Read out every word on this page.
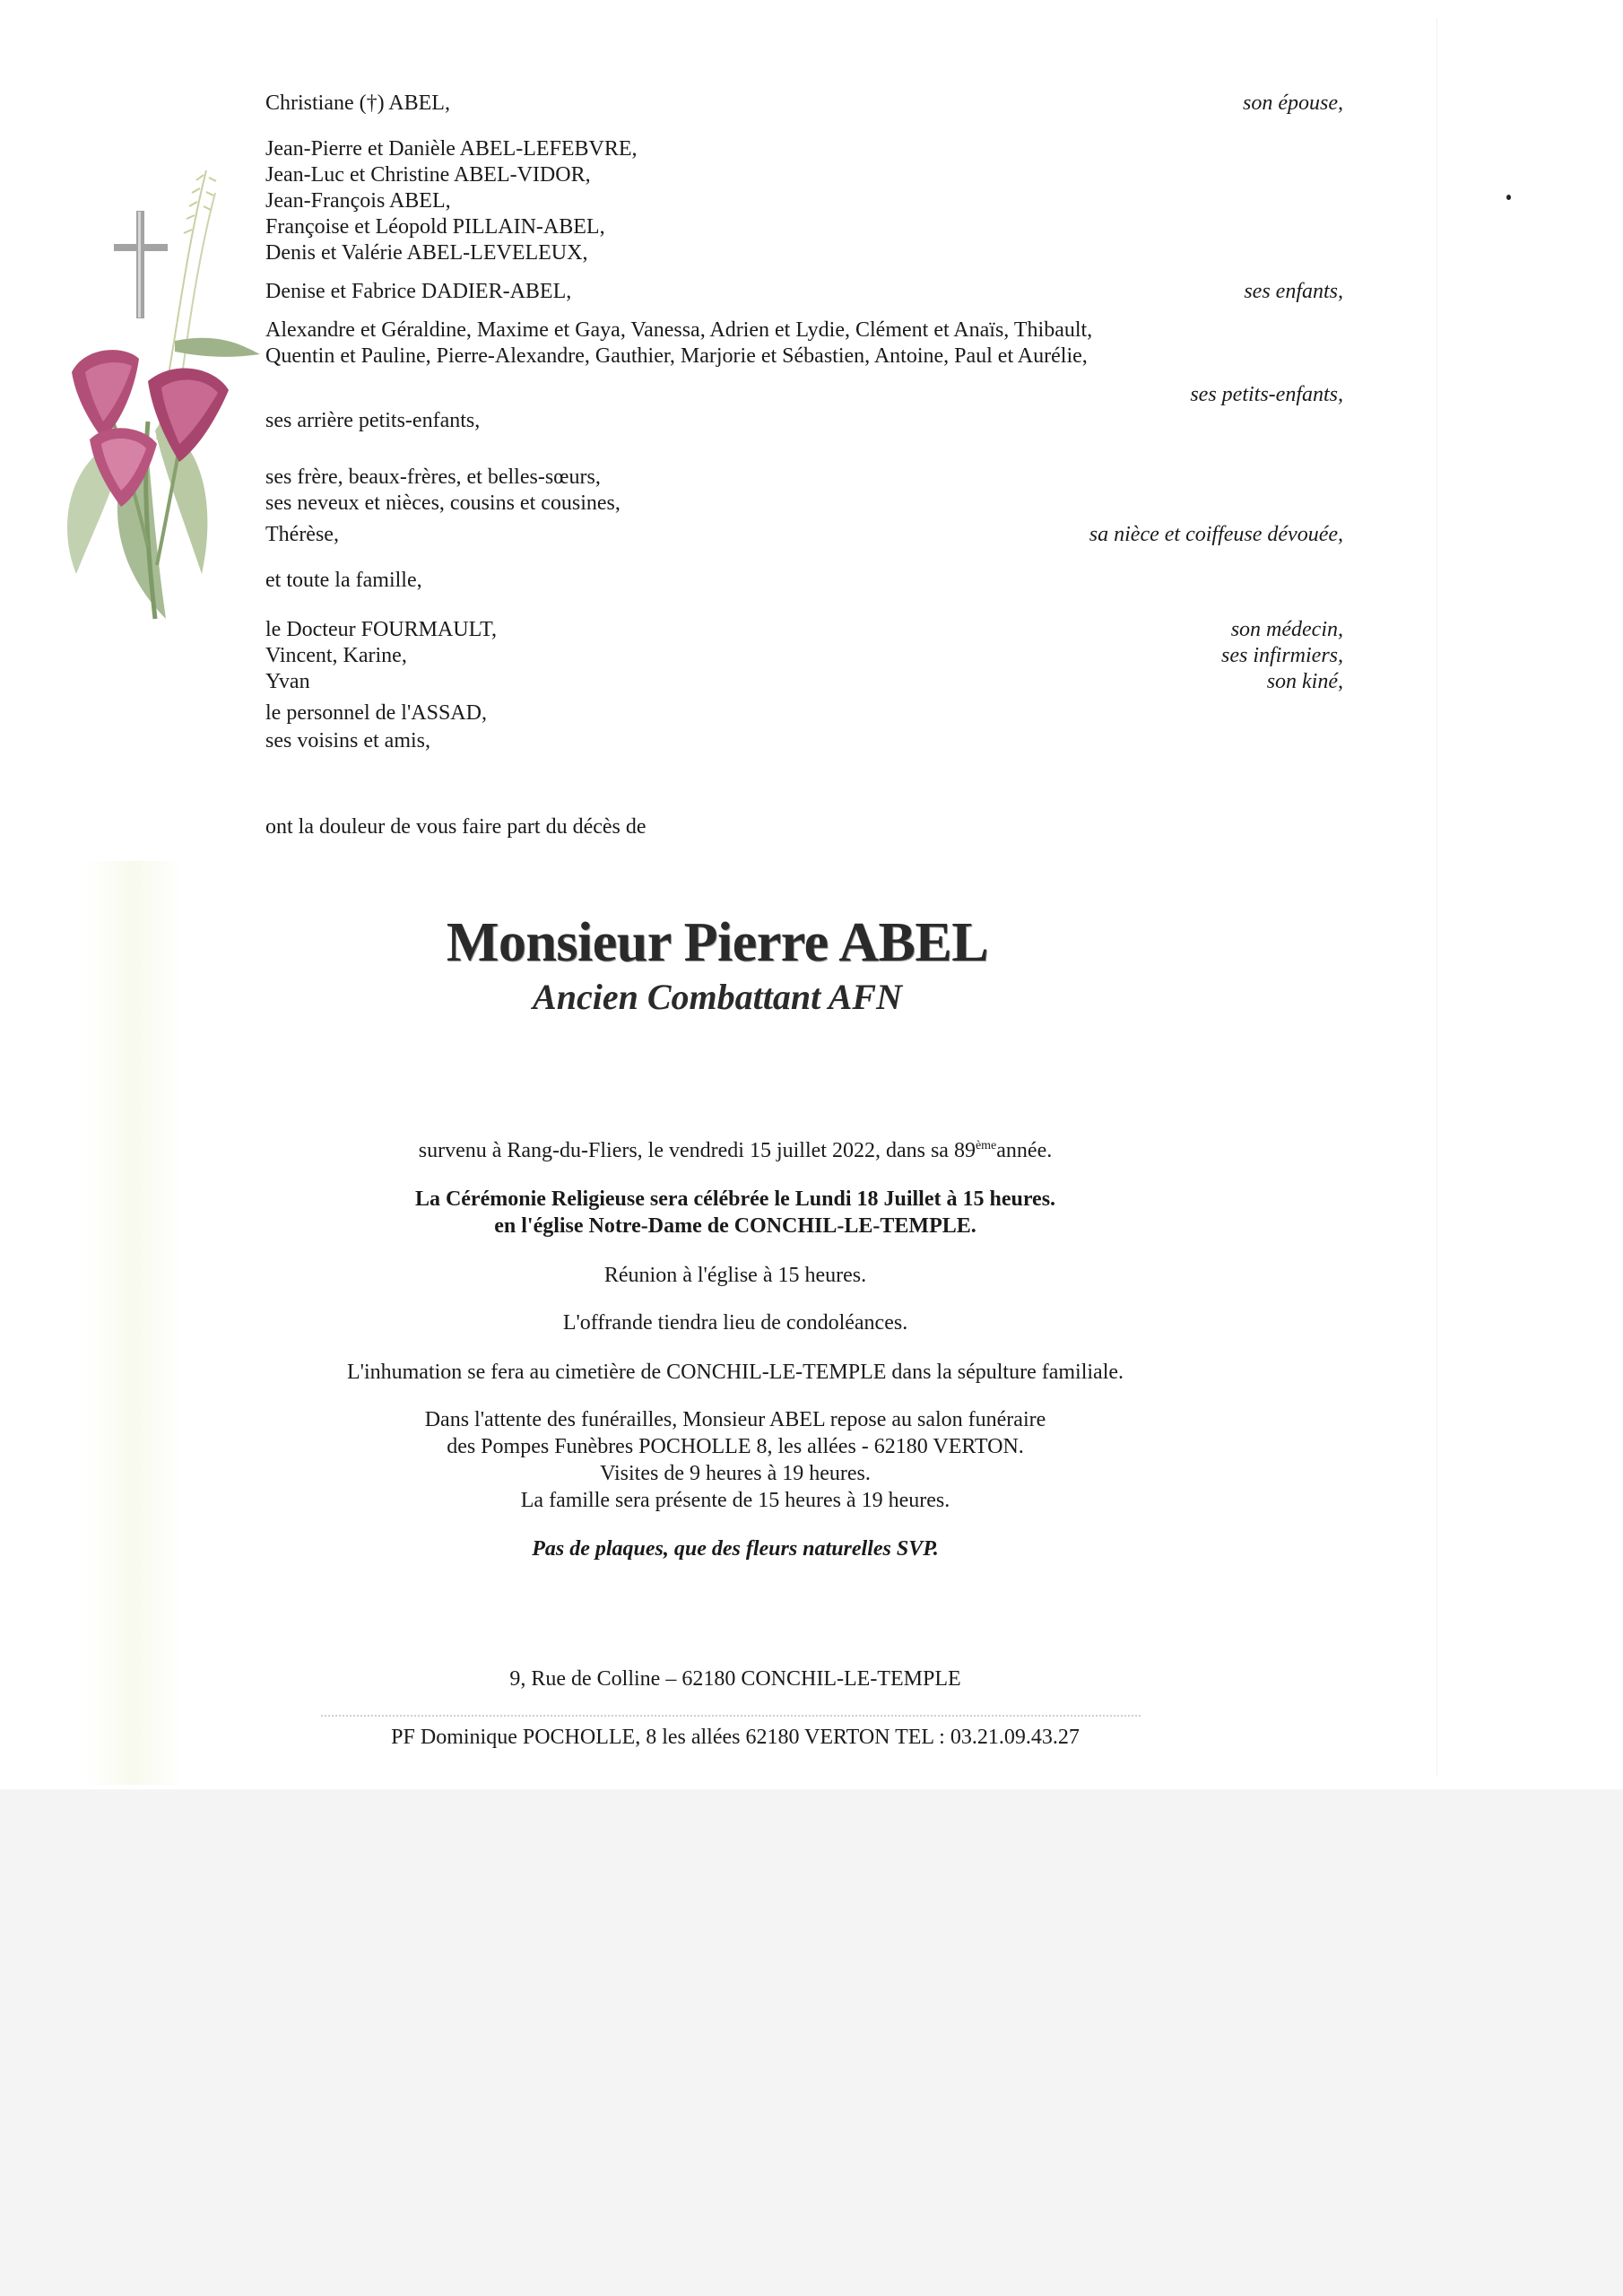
Christiane (†) ABEL,	son épouse,
Jean-Pierre et Danièle ABEL-LEFEBVRE,
Jean-Luc et Christine ABEL-VIDOR,
Jean-François ABEL,
Françoise et Léopold PILLAIN-ABEL,
Denis et Valérie ABEL-LEVELEUX,
Denise et Fabrice DADIER-ABEL,	ses enfants,
Alexandre et Géraldine, Maxime et Gaya, Vanessa, Adrien et Lydie, Clément et Anaïs, Thibault,
Quentin et Pauline, Pierre-Alexandre, Gauthier, Marjorie et Sébastien, Antoine, Paul et Aurélie,
ses petits-enfants,
ses arrière petits-enfants,
ses frère, beaux-frères, et belles-sœurs,
ses neveux et nièces, cousins et cousines,
Thérèse,	sa nièce et coiffeuse dévouée,
et toute la famille,
le Docteur FOURMAULT,	son médecin,
Vincent, Karine,	ses infirmiers,
Yvan	son kiné,
le personnel de l'ASSAD,
ses voisins et amis,
ont la douleur de vous faire part du décès de
Monsieur Pierre ABEL
Ancien Combattant AFN
survenu à Rang-du-Fliers, le vendredi 15 juillet 2022, dans sa 89èmeannée.
La Cérémonie Religieuse sera célébrée le Lundi 18 Juillet à 15 heures.
en l'église Notre-Dame de CONCHIL-LE-TEMPLE.
Réunion à l'église à 15 heures.
L'offrande tiendra lieu de condoléances.
L'inhumation se fera au cimetière de CONCHIL-LE-TEMPLE dans la sépulture familiale.
Dans l'attente des funérailles, Monsieur ABEL repose au salon funéraire
des Pompes Funèbres POCHOLLE 8, les allées - 62180 VERTON.
Visites de 9 heures à 19 heures.
La famille sera présente de 15 heures à 19 heures.
Pas de plaques, que des fleurs naturelles SVP.
9, Rue de Colline – 62180 CONCHIL-LE-TEMPLE
PF Dominique POCHOLLE, 8 les allées 62180 VERTON TEL : 03.21.09.43.27
